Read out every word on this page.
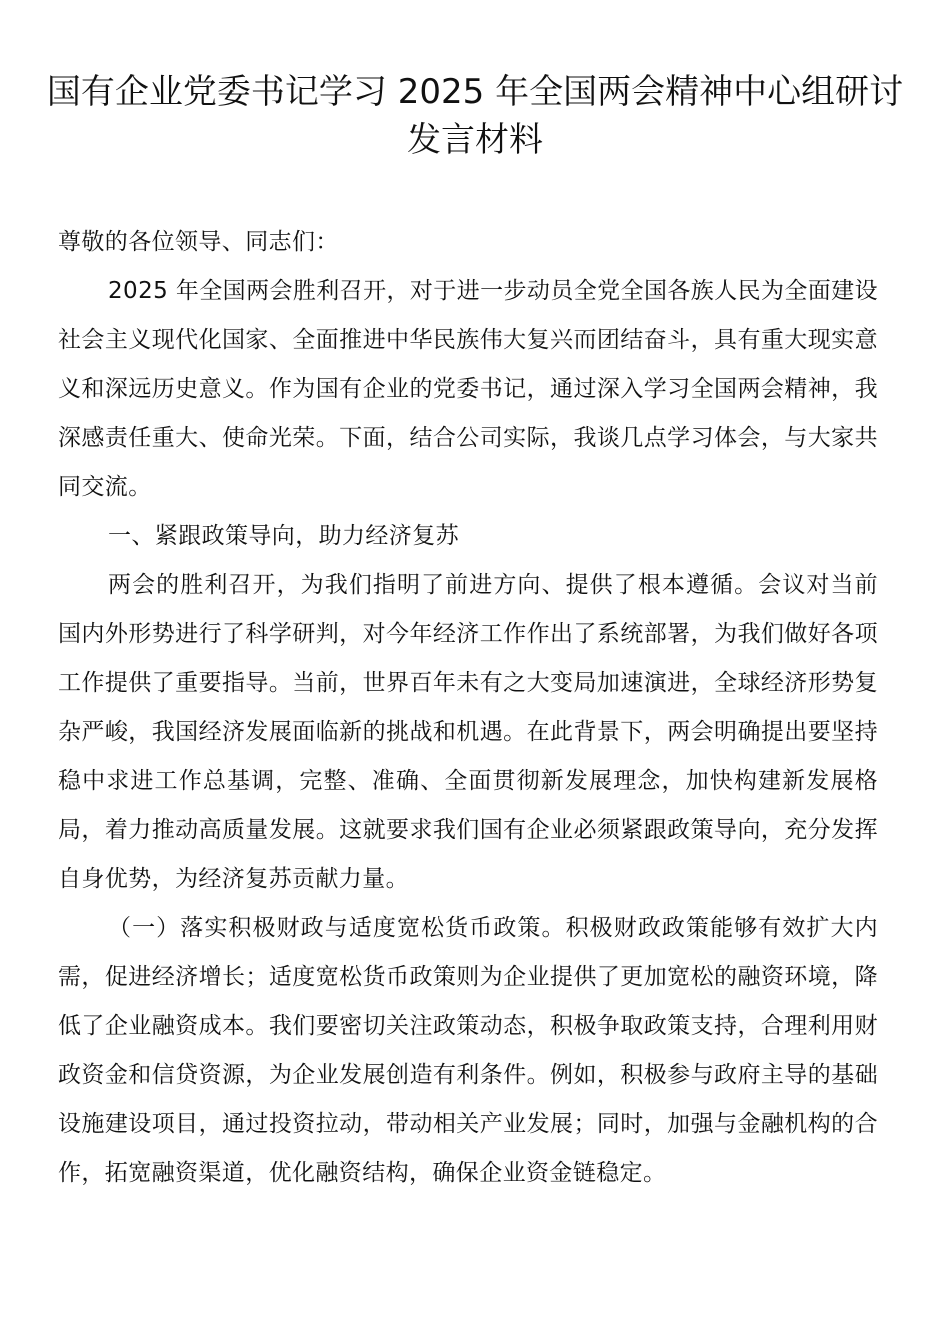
国有企业党委书记学习 2025 年全国两会精神中心组研讨发言材料

尊敬的各位领导、同志们：

2025 年全国两会胜利召开，对于进一步动员全党全国各族人民为全面建设社会主义现代化国家、全面推进中华民族伟大复兴而团结奋斗，具有重大现实意义和深远历史意义。作为国有企业的党委书记，通过深入学习全国两会精神，我深感责任重大、使命光荣。下面，结合公司实际，我谈几点学习体会，与大家共同交流。

一、紧跟政策导向，助力经济复苏

两会的胜利召开，为我们指明了前进方向、提供了根本遵循。会议对当前国内外形势进行了科学研判，对今年经济工作作出了系统部署，为我们做好各项工作提供了重要指导。当前，世界百年未有之大变局加速演进，全球经济形势复杂严峻，我国经济发展面临新的挑战和机遇。在此背景下，两会明确提出要坚持稳中求进工作总基调，完整、准确、全面贯彻新发展理念，加快构建新发展格局，着力推动高质量发展。这就要求我们国有企业必须紧跟政策导向，充分发挥自身优势，为经济复苏贡献力量。

（一）落实积极财政与适度宽松货币政策。积极财政政策能够有效扩大内需，促进经济增长；适度宽松货币政策则为企业提供了更加宽松的融资环境，降低了企业融资成本。我们要密切关注政策动态，积极争取政策支持，合理利用财政资金和信贷资源，为企业发展创造有利条件。例如，积极参与政府主导的基础设施建设项目，通过投资拉动，带动相关产业发展；同时，加强与金融机构的合作，拓宽融资渠道，优化融资结构，确保企业资金链稳定。
